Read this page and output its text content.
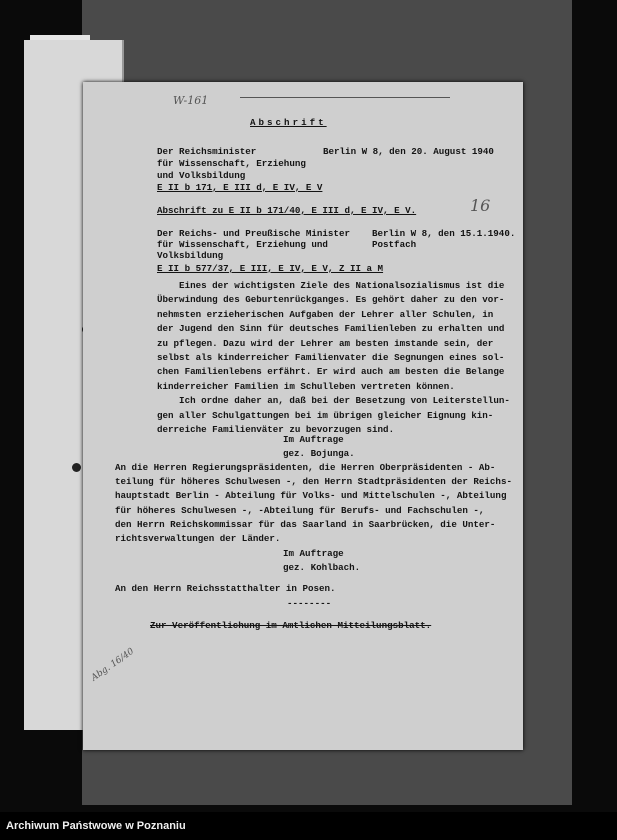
W-161
16
Abg. 16/40
Abschrift
Der Reichsminister
für Wissenschaft, Erziehung
und Volksbildung
Berlin W 8, den 20. August 1940
E II b 171, E III d, E IV, E V
Abschrift zu E II b 171/40, E III d, E IV, E V.
Der Reichs- und Preußische Minister
für Wissenschaft, Erziehung und
Volksbildung
Berlin W 8, den 15.1.1940.
Postfach
E II b 577/37, E III, E IV, E V, Z II a M
Eines der wichtigsten Ziele des Nationalsozialismus ist die
Überwindung des Geburtenrückganges. Es gehört daher zu den vor-
nehmsten erzieherischen Aufgaben der Lehrer aller Schulen, in
der Jugend den Sinn für deutsches Familienleben zu erhalten und
zu pflegen. Dazu wird der Lehrer am besten imstande sein, der
selbst als kinderreicher Familienvater die Segnungen eines sol-
chen Familienlebens erfährt. Er wird auch am besten die Belange
kinderreicher Familien im Schulleben vertreten können.
Ich ordne daher an, daß bei der Besetzung von Leiterstellun-
gen aller Schulgattungen bei im übrigen gleicher Eignung kin-
derreiche Familienväter zu bevorzugen sind.
Im Auftrage
gez. Bojunga.
An die Herren Regierungspräsidenten, die Herren Oberpräsidenten - Ab-
teilung für höheres Schulwesen -, den Herrn Stadtpräsidenten der Reichs-
hauptstadt Berlin - Abteilung für Volks- und Mittelschulen -, Abteilung
für höheres Schulwesen -, -Abteilung für Berufs- und Fachschulen -,
den Herrn Reichskommissar für das Saarland in Saarbrücken, die Unter-
richtsverwaltungen der Länder.
Im Auftrage
gez. Kohlbach.
An den Herrn Reichsstatthalter in Posen.
--------
Zur Veröffentlichung im Amtlichen Mitteilungsblatt.
Archiwum Państwowe w Poznaniu
